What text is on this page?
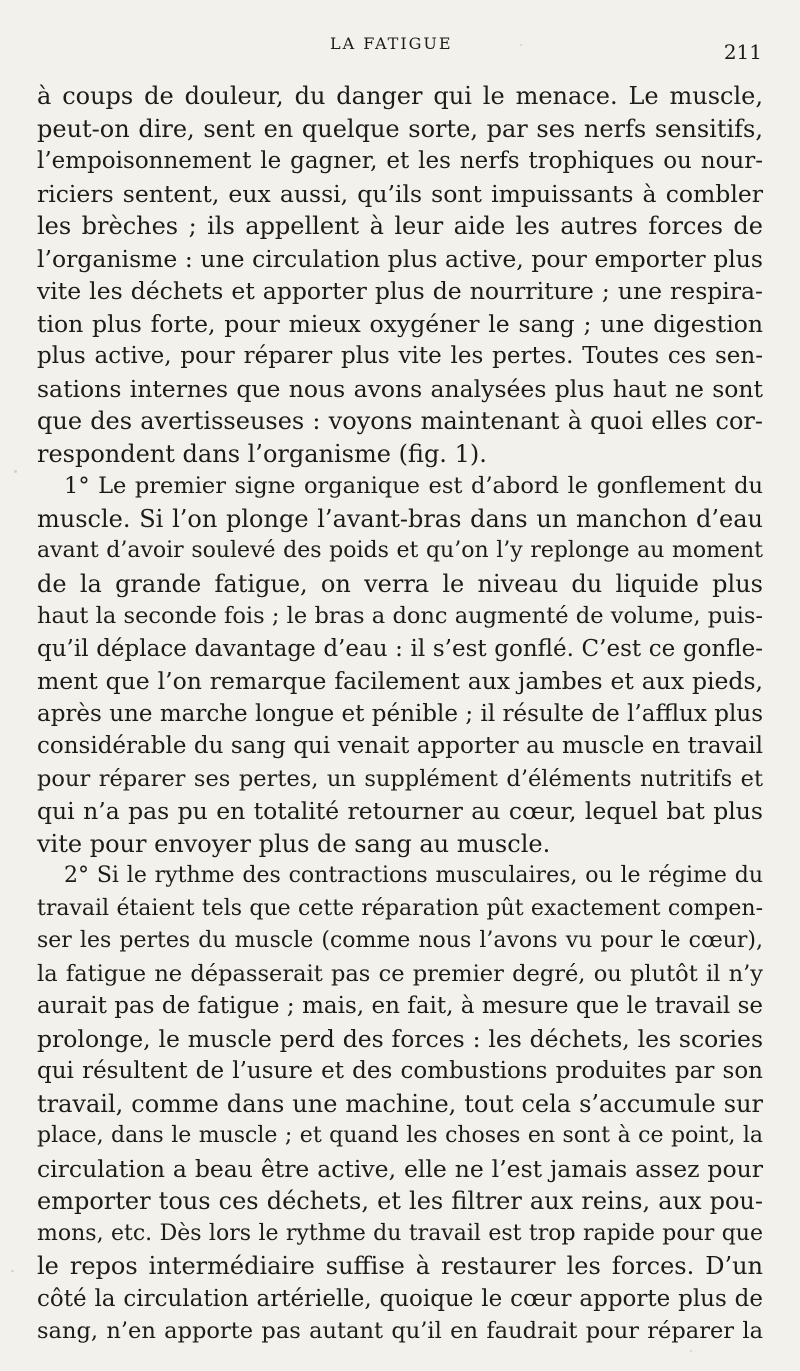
LA FATIGUE	211
à coups de douleur, du danger qui le menace. Le muscle,
peut-on dire, sent en quelque sorte, par ses nerfs sensitifs,
l’empoisonnement le gagner, et les nerfs trophiques ou nour-
riciers sentent, eux aussi, qu’ils sont impuissants à combler
les brèches ; ils appellent à leur aide les autres forces de
l’organisme : une circulation plus active, pour emporter plus
vite les déchets et apporter plus de nourriture ; une respira-
tion plus forte, pour mieux oxygéner le sang ; une digestion
plus active, pour réparer plus vite les pertes. Toutes ces sen-
sations internes que nous avons analysées plus haut ne sont
que des avertisseuses : voyons maintenant à quoi elles cor-
respondent dans l’organisme (fig. 1).
1° Le premier signe organique est d’abord le gonflement du
muscle. Si l’on plonge l’avant-bras dans un manchon d’eau
avant d’avoir soulevé des poids et qu’on l’y replonge au moment
de la grande fatigue, on verra le niveau du liquide plus
haut la seconde fois ; le bras a donc augmenté de volume, puis-
qu’il déplace davantage d’eau : il s’est gonflé. C’est ce gonfle-
ment que l’on remarque facilement aux jambes et aux pieds,
après une marche longue et pénible ; il résulte de l’afflux plus
considérable du sang qui venait apporter au muscle en travail
pour réparer ses pertes, un supplément d’éléments nutritifs et
qui n’a pas pu en totalité retourner au cœur, lequel bat plus
vite pour envoyer plus de sang au muscle.
2° Si le rythme des contractions musculaires, ou le régime du
travail étaient tels que cette réparation pût exactement compen-
ser les pertes du muscle (comme nous l’avons vu pour le cœur),
la fatigue ne dépasserait pas ce premier degré, ou plutôt il n’y
aurait pas de fatigue ; mais, en fait, à mesure que le travail se
prolonge, le muscle perd des forces : les déchets, les scories
qui résultent de l’usure et des combustions produites par son
travail, comme dans une machine, tout cela s’accumule sur
place, dans le muscle ; et quand les choses en sont à ce point, la
circulation a beau être active, elle ne l’est jamais assez pour
emporter tous ces déchets, et les filtrer aux reins, aux pou-
mons, etc. Dès lors le rythme du travail est trop rapide pour que
le repos intermédiaire suffise à restaurer les forces. D’un
côté la circulation artérielle, quoique le cœur apporte plus de
sang, n’en apporte pas autant qu’il en faudrait pour réparer la
